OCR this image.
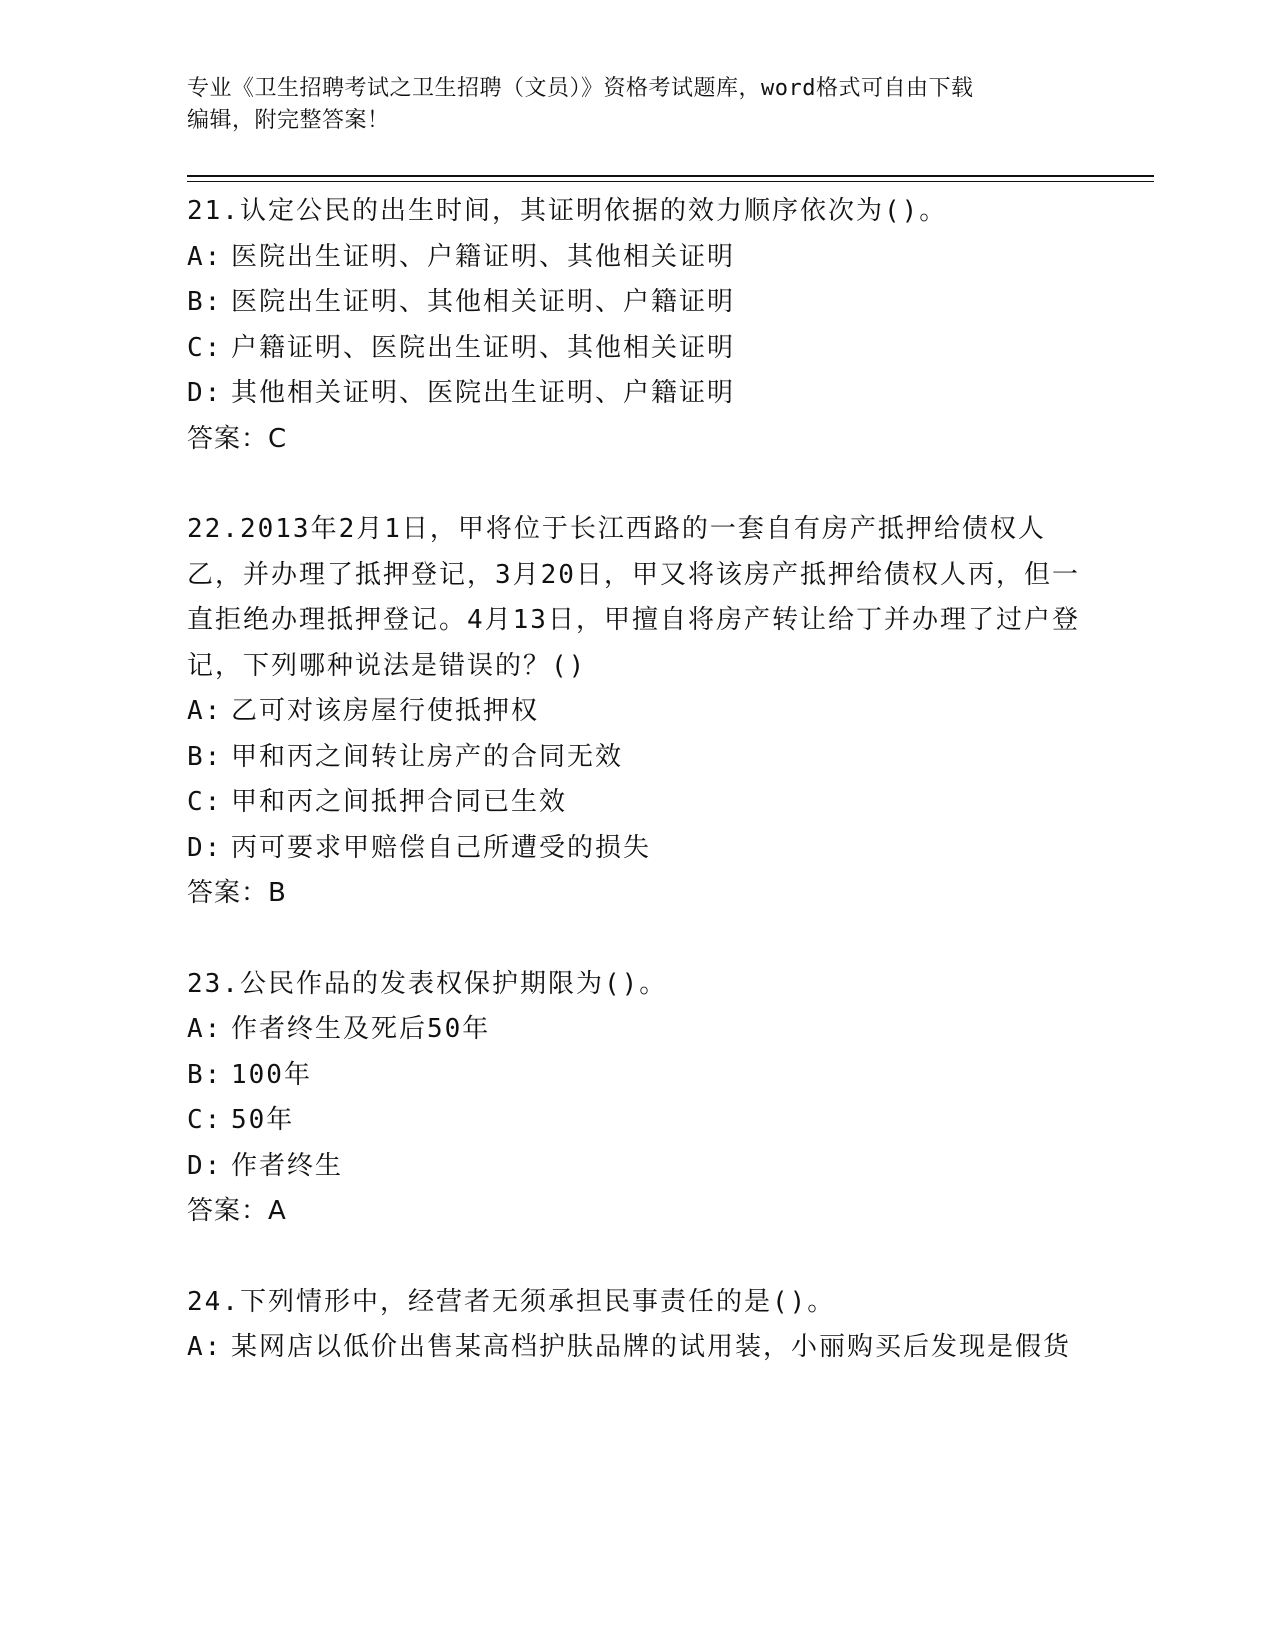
专业《卫生招聘考试之卫生招聘（文员）》资格考试题库，word格式可自由下载
编辑，附完整答案！
21.认定公民的出生时间，其证明依据的效力顺序依次为()。
A: 医院出生证明、户籍证明、其他相关证明
B: 医院出生证明、其他相关证明、户籍证明
C: 户籍证明、医院出生证明、其他相关证明
D: 其他相关证明、医院出生证明、户籍证明
答案：C
22.2013年2月1日，甲将位于长江西路的一套自有房产抵押给债权人乙，并办理了抵押登记，3月20日，甲又将该房产抵押给债权人丙，但一直拒绝办理抵押登记。4月13日，甲擅自将房产转让给丁并办理了过户登记，下列哪种说法是错误的？()
A: 乙可对该房屋行使抵押权
B: 甲和丙之间转让房产的合同无效
C: 甲和丙之间抵押合同已生效
D: 丙可要求甲赔偿自己所遭受的损失
答案：B
23.公民作品的发表权保护期限为()。
A: 作者终生及死后50年
B: 100年
C: 50年
D: 作者终生
答案：A
24.下列情形中，经营者无须承担民事责任的是()。
A: 某网店以低价出售某高档护肤品牌的试用装，小丽购买后发现是假货
